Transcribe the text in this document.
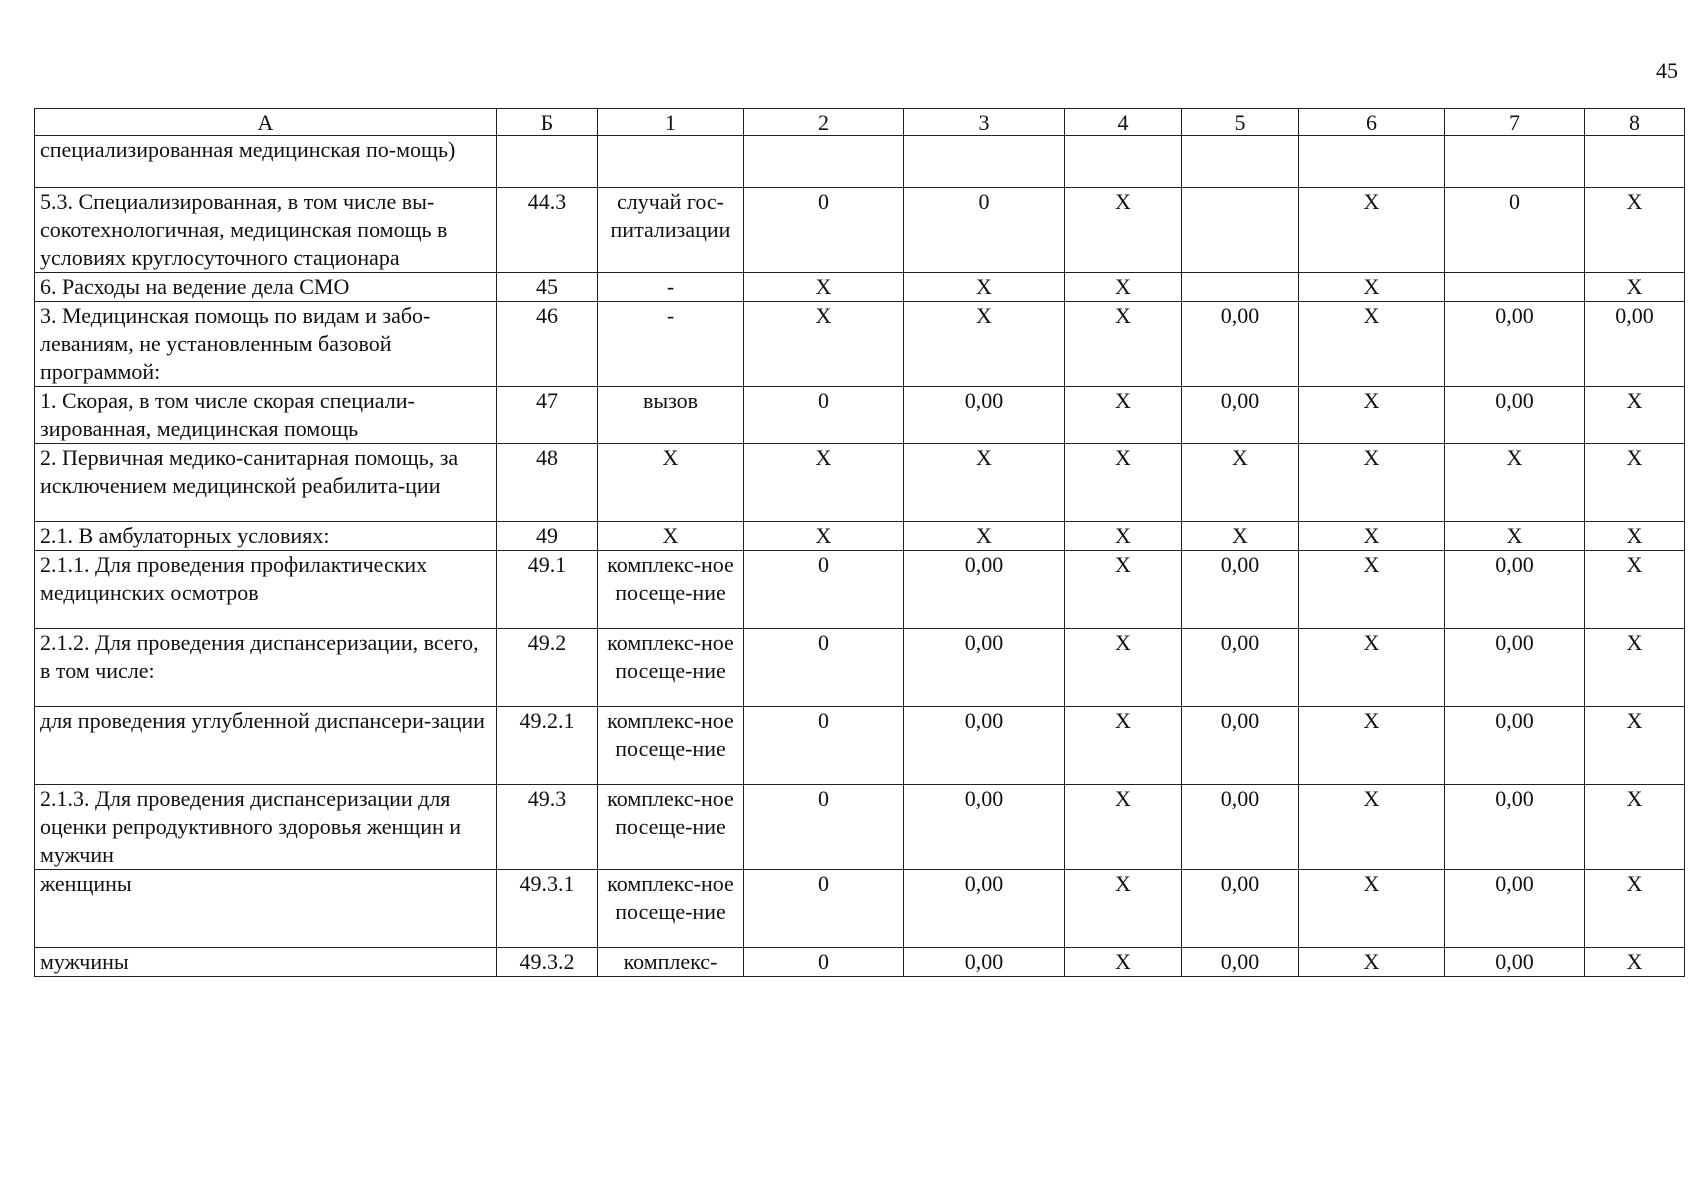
45
А	Б	1	2	3	4	5	6	7	8
специализированная медицинская по-мощь)									
5.3. Специализированная, в том числе вы-сокотехнологичная, медицинская помощь в условиях круглосуточного стационара	44.3	случай гос-питализации	0	0	Х		Х	0	Х
6. Расходы на ведение дела СМО	45	-	Х	Х	Х		Х		Х
3. Медицинская помощь по видам и забо-леваниям, не установленным базовой программой:	46	-	Х	Х	Х	0,00	Х	0,00	0,00
1. Скорая, в том числе скорая специали-зированная, медицинская помощь	47	вызов	0	0,00	Х	0,00	Х	0,00	Х
2. Первичная медико-санитарная помощь, за исключением медицинской реабилита-ции	48	Х	Х	Х	Х	Х	Х	Х	Х
2.1. В амбулаторных условиях:	49	Х	Х	Х	Х	Х	Х	Х	Х
2.1.1. Для проведения профилактических медицинских осмотров	49.1	комплекс-ное посеще-ние	0	0,00	Х	0,00	Х	0,00	Х
2.1.2. Для проведения диспансеризации, всего, в том числе:	49.2	комплекс-ное посеще-ние	0	0,00	Х	0,00	Х	0,00	Х
для проведения углубленной диспансери-зации	49.2.1	комплекс-ное посеще-ние	0	0,00	Х	0,00	Х	0,00	Х
2.1.3. Для проведения диспансеризации для оценки репродуктивного здоровья женщин и мужчин	49.3	комплекс-ное посеще-ние	0	0,00	Х	0,00	Х	0,00	Х
женщины	49.3.1	комплекс-ное посеще-ние	0	0,00	Х	0,00	Х	0,00	Х
мужчины	49.3.2	комплекс-	0	0,00	Х	0,00	Х	0,00	Х
